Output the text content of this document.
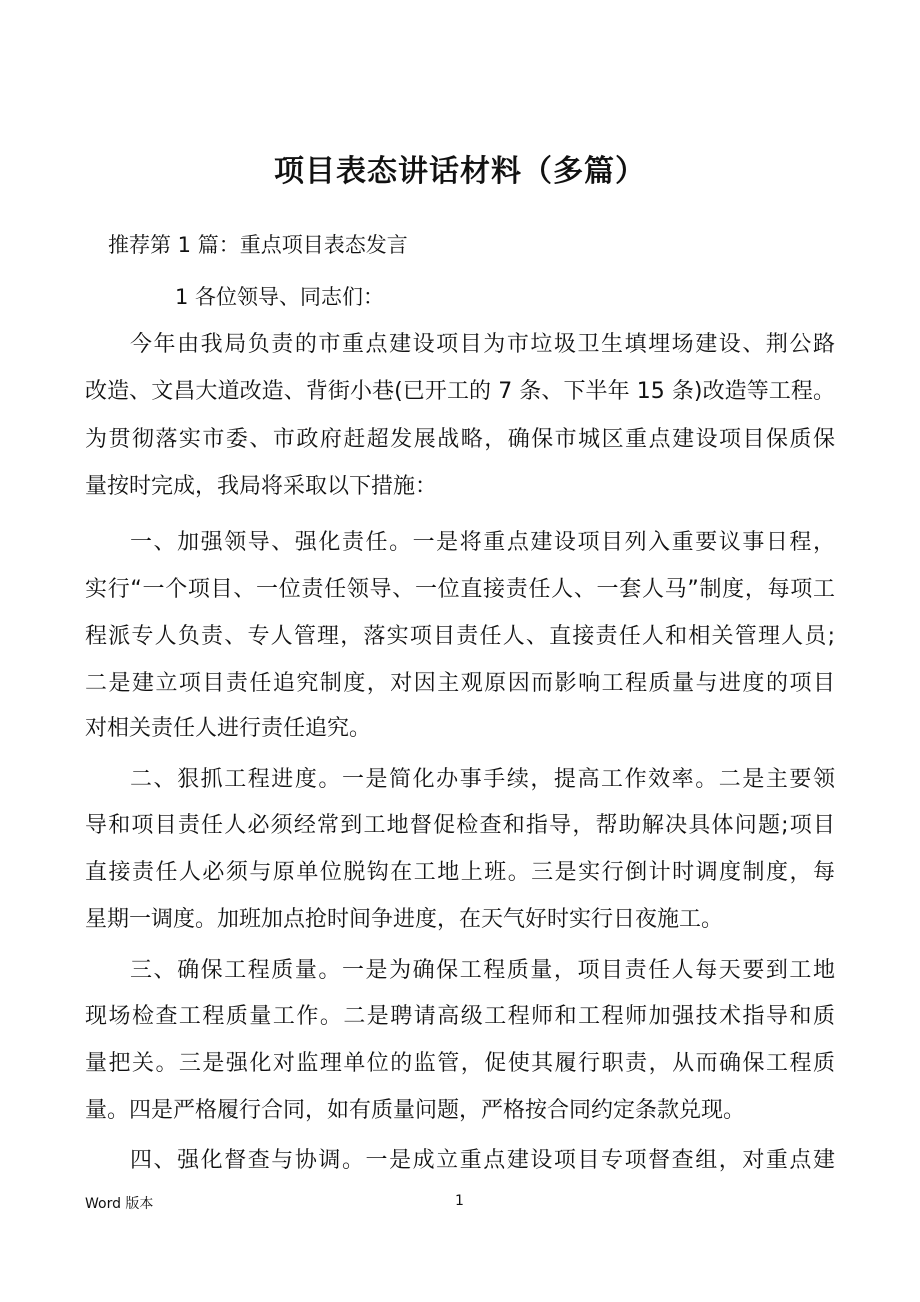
项目表态讲话材料（多篇）
推荐第 1 篇：重点项目表态发言
1 各位领导、同志们：
今年由我局负责的市重点建设项目为市垃圾卫生填埋场建设、荆公路
改造、文昌大道改造、背街小巷(已开工的 7 条、下半年 15 条)改造等工程。
为贯彻落实市委、市政府赶超发展战略，确保市城区重点建设项目保质保
量按时完成，我局将采取以下措施：
一、加强领导、强化责任。一是将重点建设项目列入重要议事日程，
实行“一个项目、一位责任领导、一位直接责任人、一套人马”制度，每项工
程派专人负责、专人管理，落实项目责任人、直接责任人和相关管理人员;
二是建立项目责任追究制度，对因主观原因而影响工程质量与进度的项目
对相关责任人进行责任追究。
二、狠抓工程进度。一是简化办事手续，提高工作效率。二是主要领
导和项目责任人必须经常到工地督促检查和指导，帮助解决具体问题;项目
直接责任人必须与原单位脱钩在工地上班。三是实行倒计时调度制度，每
星期一调度。加班加点抢时间争进度，在天气好时实行日夜施工。
三、确保工程质量。一是为确保工程质量，项目责任人每天要到工地
现场检查工程质量工作。二是聘请高级工程师和工程师加强技术指导和质
量把关。三是强化对监理单位的监管，促使其履行职责，从而确保工程质
量。四是严格履行合同，如有质量问题，严格按合同约定条款兑现。
四、强化督查与协调。一是成立重点建设项目专项督查组，对重点建
Word 版本	1
